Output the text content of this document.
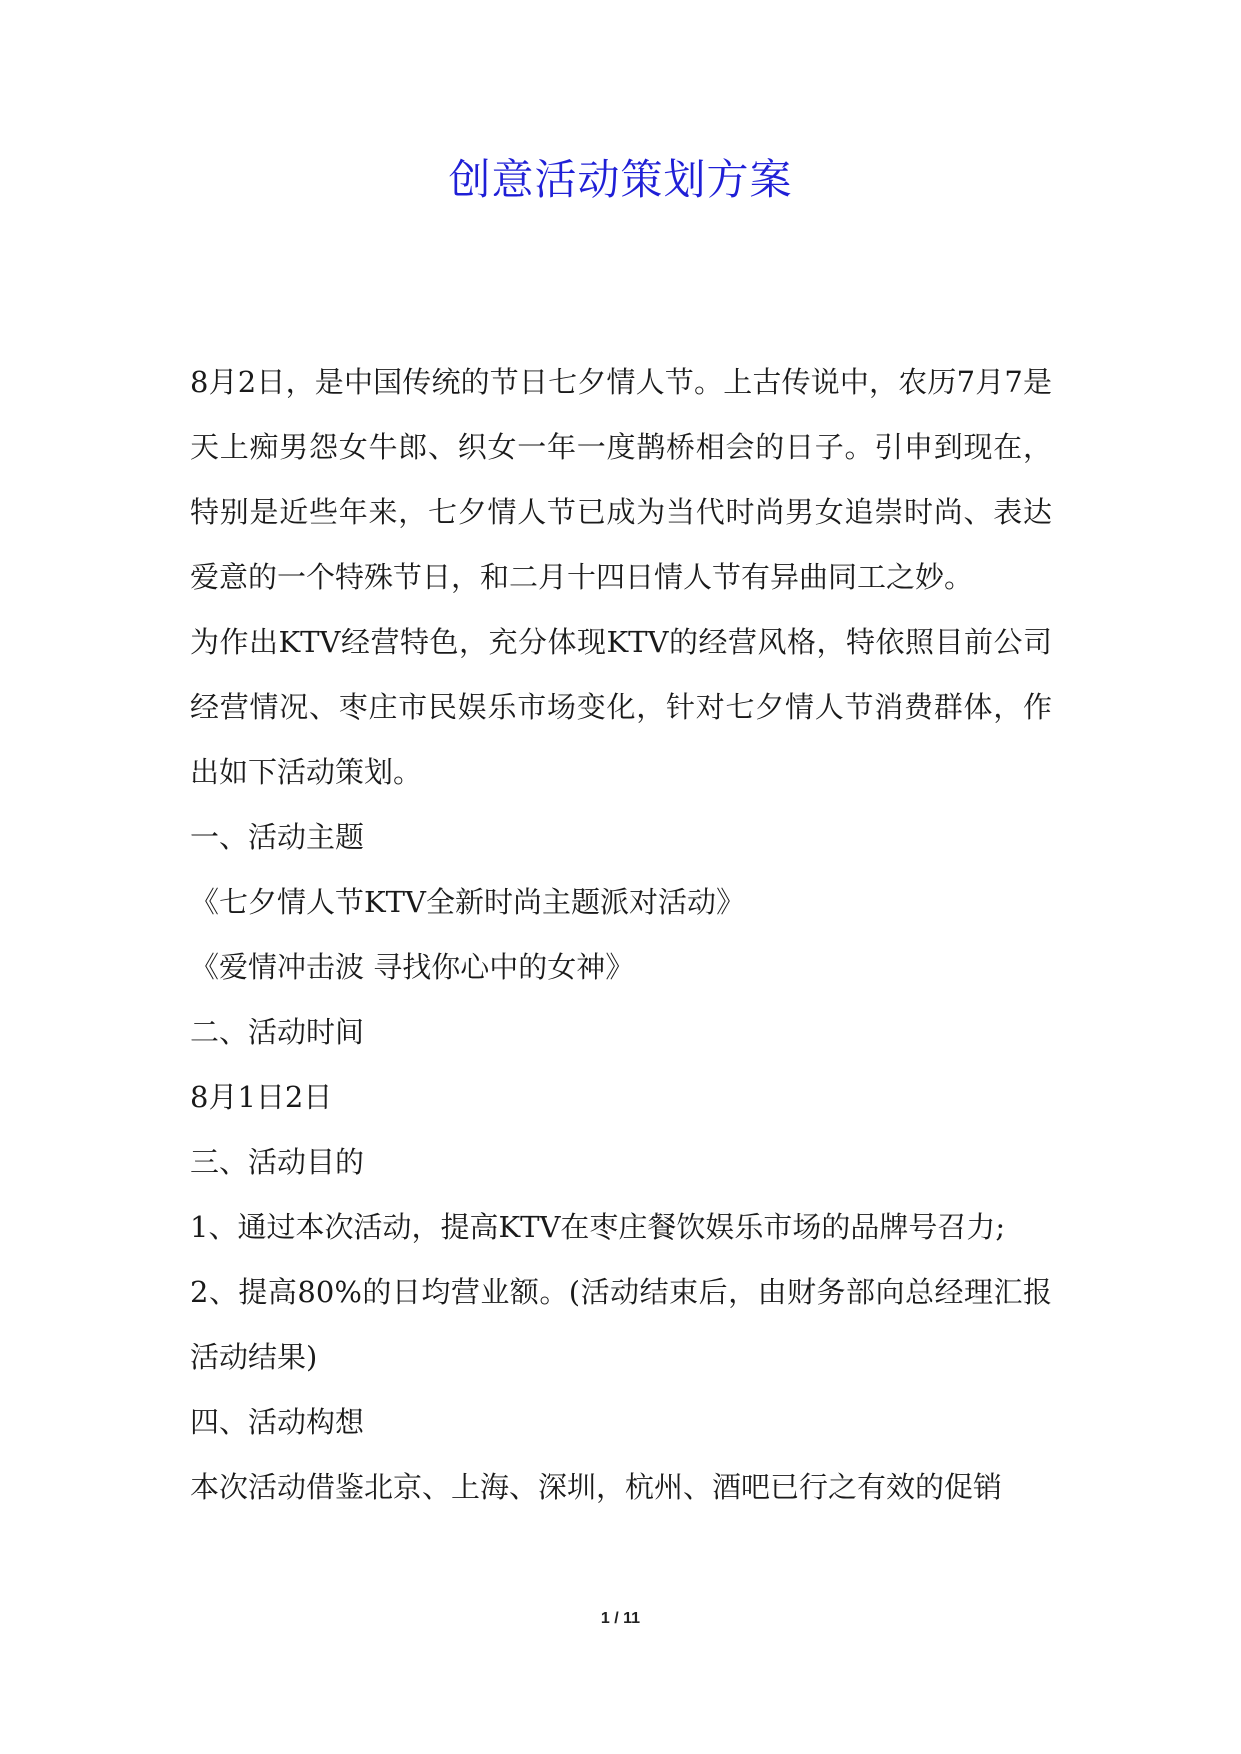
创意活动策划方案

8月2日，是中国传统的节日七夕情人节。上古传说中，农历7月7是天上痴男怨女牛郎、织女一年一度鹊桥相会的日子。引申到现在，特别是近些年来，七夕情人节已成为当代时尚男女追崇时尚、表达爱意的一个特殊节日，和二月十四日情人节有异曲同工之妙。

为作出KTV经营特色，充分体现KTV的经营风格，特依照目前公司经营情况、枣庄市民娱乐市场变化，针对七夕情人节消费群体，作出如下活动策划。

一、活动主题

《七夕情人节KTV全新时尚主题派对活动》

《爱情冲击波 寻找你心中的女神》

二、活动时间

8月1日2日

三、活动目的

1、通过本次活动，提高KTV在枣庄餐饮娱乐市场的品牌号召力;

2、提高80%的日均营业额。(活动结束后，由财务部向总经理汇报活动结果)

四、活动构想

本次活动借鉴北京、上海、深圳，杭州、酒吧已行之有效的促销

1 / 11
